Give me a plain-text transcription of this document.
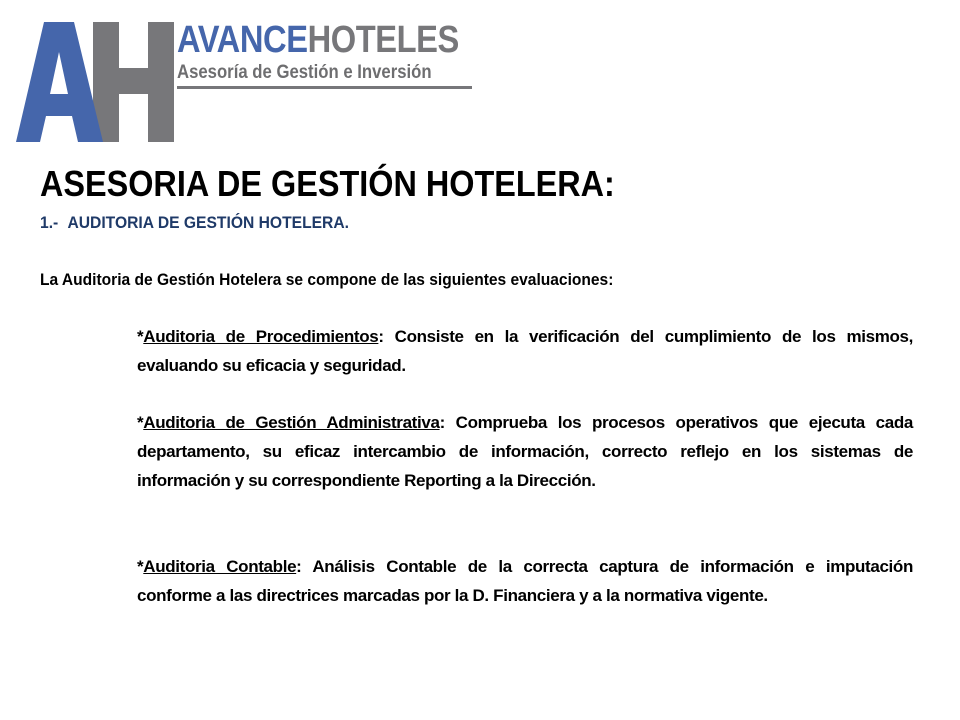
AVANCEHOTELES
Asesoría de Gestión e Inversión
ASESORIA DE GESTIÓN HOTELERA:
1.- AUDITORIA DE GESTIÓN HOTELERA.
La Auditoria de Gestión Hotelera se compone de las siguientes evaluaciones:
*Auditoria de Procedimientos: Consiste en la verificación del cumplimiento de los mismos, evaluando su eficacia y seguridad.
*Auditoria de Gestión Administrativa: Comprueba los procesos operativos que ejecuta cada departamento, su eficaz intercambio de información, correcto reflejo en los sistemas de información y su correspondiente Reporting a la Dirección.
*Auditoria Contable: Análisis Contable de la correcta captura de información e imputación conforme a las directrices marcadas por la D. Financiera y a la normativa vigente.
